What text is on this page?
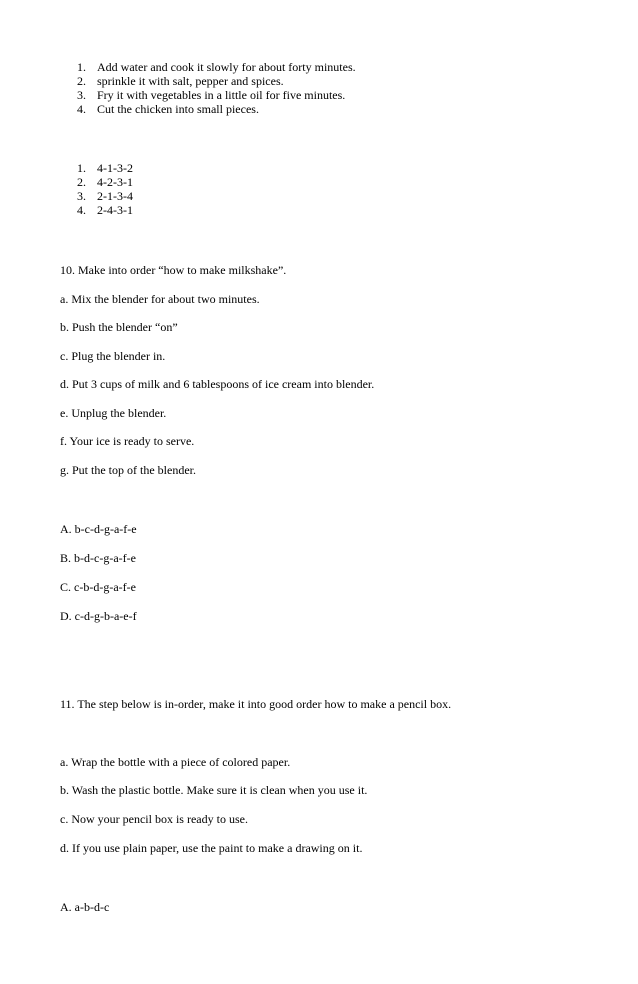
1. Add water and cook it slowly for about forty minutes.
2. sprinkle it with salt, pepper and spices.
3. Fry it with vegetables in a little oil for five minutes.
4. Cut the chicken into small pieces.
1. 4-1-3-2
2. 4-2-3-1
3. 2-1-3-4
4. 2-4-3-1
10. Make into order “how to make milkshake”.
a. Mix the blender for about two minutes.
b. Push the blender “on”
c. Plug the blender in.
d. Put 3 cups of milk and 6 tablespoons of ice cream into blender.
e. Unplug the blender.
f. Your ice is ready to serve.
g. Put the top of the blender.
A. b-c-d-g-a-f-e
B. b-d-c-g-a-f-e
C. c-b-d-g-a-f-e
D. c-d-g-b-a-e-f
11. The step below is in-order, make it into good order how to make a pencil box.
a. Wrap the bottle with a piece of colored paper.
b. Wash the plastic bottle. Make sure it is clean when you use it.
c. Now your pencil box is ready to use.
d. If you use plain paper, use the paint to make a drawing on it.
A. a-b-d-c
